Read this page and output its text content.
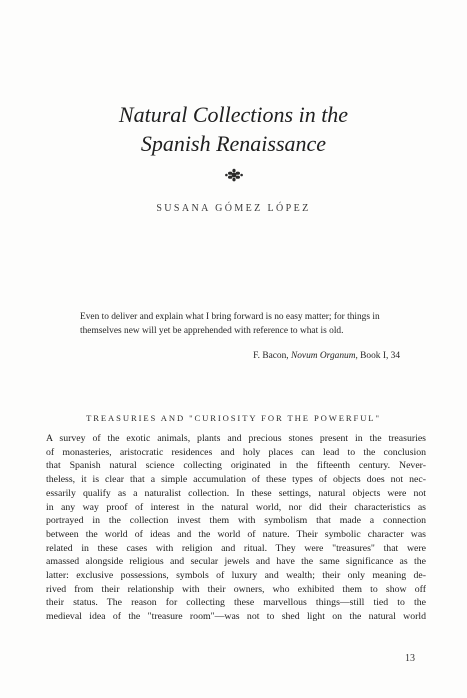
Natural Collections in the
Spanish Renaissance
SUSANA GÓMEZ LÓPEZ

Even to deliver and explain what I bring forward is no easy matter; for things in

themselves new will yet be apprehended with reference to what is old.

F. Bacon, Novum Organum, Book I, 34
TREASURIES AND "CURIOSITY FOR THE POWERFUL"
A survey of the exotic animals, plants and precious stones present in the treasuries
of monasteries, aristocratic residences and holy places can lead to the conclusion
that Spanish natural science collecting originated in the fifteenth century. Never-
theless, it is clear that a simple accumulation of these types of objects does not nec-
essarily qualify as a naturalist collection. In these settings, natural objects were not
in any way proof of interest in the natural world, nor did their characteristics as
portrayed in the collection invest them with symbolism that made a connection
between the world of ideas and the world of nature. Their symbolic character was
related in these cases with religion and ritual. They were "treasures" that were
amassed alongside religious and secular jewels and have the same significance as the
latter: exclusive possessions, symbols of luxury and wealth; their only meaning de-
rived from their relationship with their owners, who exhibited them to show off
their status. The reason for collecting these marvellous things—still tied to the
medieval idea of the "treasure room"—was not to shed light on the natural world
13
